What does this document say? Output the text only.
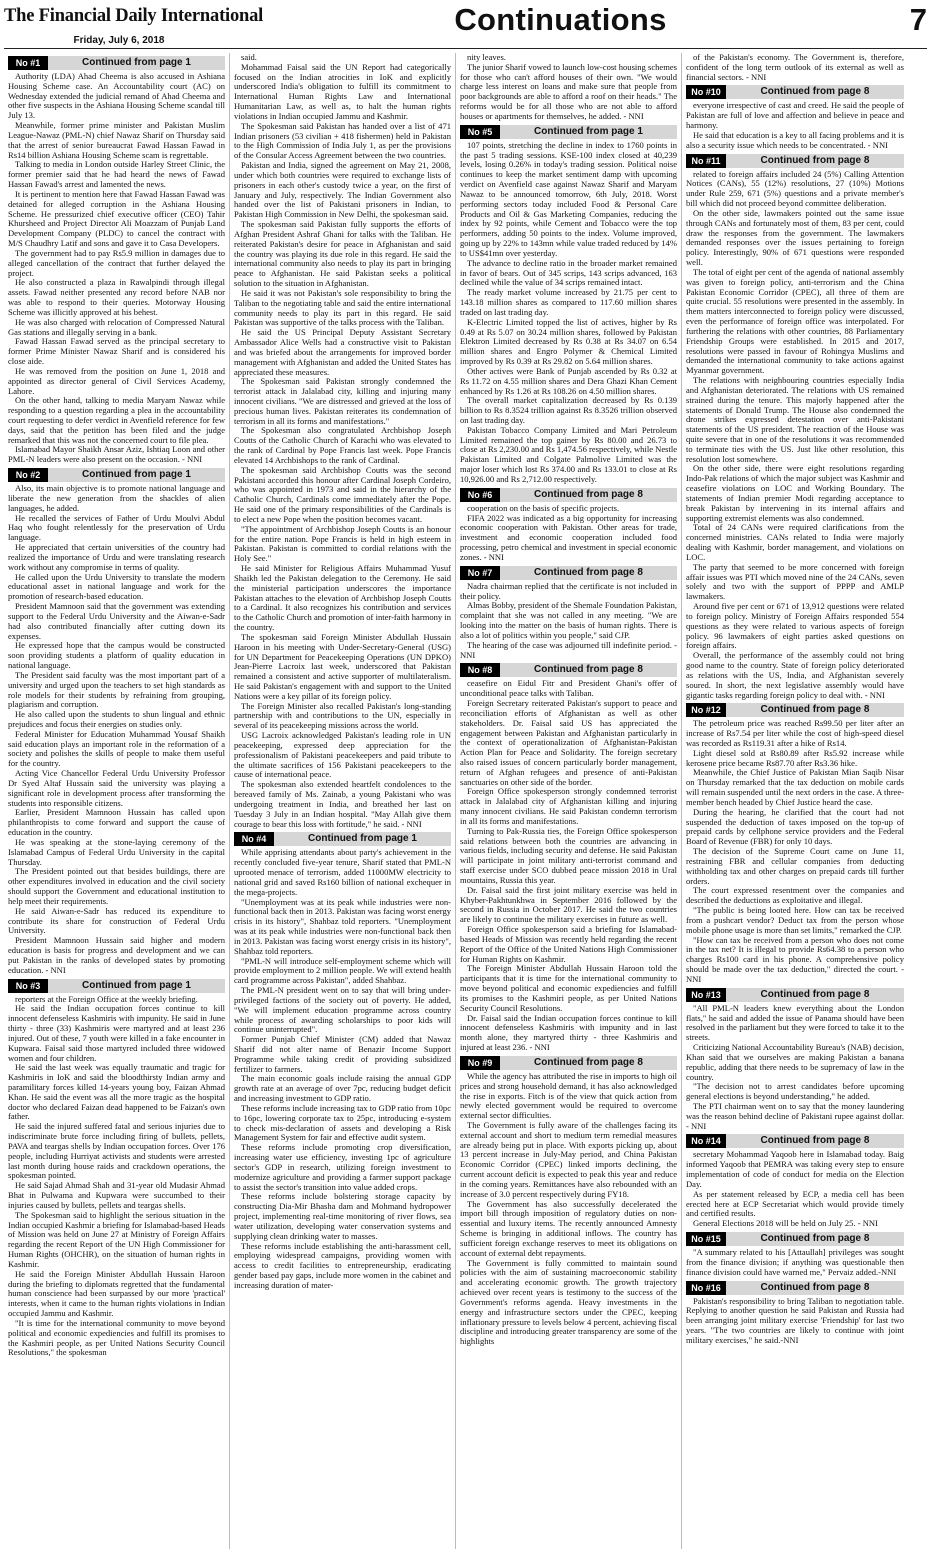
The Financial Daily International
Friday, July 6, 2018
Continuations	7
No #1	Continued from page 1

Authority (LDA) Ahad Cheema is also accused in Ashiana Housing Scheme case. An Accountability court (AC) on Wednesday extended the judicial remand of Ahad Cheema and other five suspects in the Ashiana Housing Scheme scandal till July 13.

Meanwhile, former prime minister and Pakistan Muslim League-Nawaz (PML-N) chief Nawaz Sharif on Thursday said that the arrest of senior bureaucrat Fawad Hassan Fawad in Rs14 billion Ashiana Housing Scheme scam is regrettable.

Talking to media in London outside Harley Street Clinic, the former premier said that he had heard the news of Fawad Hassan Fawad's arrest and lamented the news.

It is pertinent to mention here that Fawad Hassan Fawad was detained for alleged corruption in the Ashiana Housing Scheme. He pressurized chief executive officer (CEO) Tahir Khursheed and Project Director Ali Moazzam of Punjab Land Development Company (PLDC) to cancel the contract with M/S Chaudhry Latif and sons and gave it to Casa Developers.

The government had to pay Rs5.9 million in damages due to alleged cancellation of the contract that further delayed the project.

He also constructed a plaza in Rawalpindi through illegal assets. Fawad neither presented any record before NAB nor was able to respond to their queries. Motorway Housing Scheme was illicitly approved at his behest.

He was also charged with relocation of Compressed Natural Gas stations and illegally serving in a bank.

Fawad Hassan Fawad served as the principal secretary to former Prime Minister Nawaz Sharif and is considered his close aide.

He was removed from the position on June 1, 2018 and appointed as director general of Civil Services Academy, Lahore.

On the other hand, talking to media Maryam Nawaz while responding to a question regarding a plea in the accountability court requesting to defer verdict in Avenfield reference for few days, said that the petition has been filed and the judge remarked that this was not the concerned court to file plea.

Islamabad Mayor Shaikh Ansar Aziz, Ishtiaq Loon and other PML-N leaders were also present on the occasion. - NNI

No #2	Continued from page 1

Also, its main objective is to promote national language and liberate the new generation from the shackles of alien languages, he added.

He recalled the services of Father of Urdu Moulvi Abdul Haq who fought relentlessly for the preservation of Urdu language.

He appreciated that certain universities of the country had realized the importance of Urdu and were translating research work without any compromise in terms of quality.

He called upon the Urdu University to translate the modern educational asset in national language and work for the promotion of research-based education.

President Mamnoon said that the government was extending support to the Federal Urdu University and the Aiwan-e-Sadr had also contributed financially after cutting down its expenses.

He expressed hope that the campus would be constructed soon providing students a platform of quality education in national language.

The President said faculty was the most important part of a university and urged upon the teachers to set high standards as role models for their students by refraining from grouping, plagiarism and corruption.

He also called upon the students to shun lingual and ethnic prejudices and focus their energies on studies only.

Federal Minister for Education Muhammad Yousaf Shaikh said education plays an important role in the reformation of a society and polishes the skills of people to make them useful for the country.

Acting Vice Chancellor Federal Urdu University Professor Dr Syed Altaf Hussain said the university was playing a significant role in development process after transforming the students into responsible citizens.

Earlier, President Mamnoon Hussain has called upon philanthropists to come forward and support the cause of education in the country.

He was speaking at the stone-laying ceremony of the Islamabad Campus of Federal Urdu University in the capital Thursday.

The President pointed out that besides buildings, there are other expenditures involved in education and the civil society should support the Government and educational institution to help meet their requirements.

He said Aiwan-e-Sadr has reduced its expenditure to contribute its share for construction of Federal Urdu University.

President Mamnoon Hussain said higher and modern education is basis for progress and development and we can put Pakistan in the ranks of developed states by promoting education. - NNI

No #3	Continued from page 1

reporters at the Foreign Office at the weekly briefing.

He said the Indian occupation forces continue to kill innocent defenseless Kashmiris with impunity. He said in June thirty - three (33) Kashmiris were martyred and at least 236 injured. Out of these, 7 youth were killed in a fake encounter in Kupwara. Faisal said those martyred included three widowed women and four children.

He said the last week was equally traumatic and tragic for Kashmiris in IoK and said the bloodthirsty Indian army and paramilitary forces killed 14-years young boy, Faizan Ahmad Khan. He said the event was all the more tragic as the hospital doctor who declared Faizan dead happened to be Faizan's own father.

He said the injured suffered fatal and serious injuries due to indiscriminate brute force including firing of bullets, pellets, PAVA and teargas shells by Indian occupation forces. Over 176 people, including Hurriyat activists and students were arrested last month during house raids and crackdown operations, the spokesman pointed.

He said Sajad Ahmad Shah and 31-year old Mudasir Ahmad Bhat in Pulwama and Kupwara were succumbed to their injuries caused by bullets, pellets and teargas shells.

The Spokesman said to highlight the serious situation in the Indian occupied Kashmir a briefing for Islamabad-based Heads of Mission was held on June 27 at Ministry of Foreign Affairs regarding the recent Report of the UN High Commissioner for Human Rights (OHCHR), on the situation of human rights in Kashmir.

He said the Foreign Minister Abdullah Hussain Haroon during the briefing to diplomats regretted that the fundamental human conscience had been surpassed by our more 'practical' interests, when it came to the human rights violations in Indian occupied Jammu and Kashmir.

"It is time for the international community to move beyond political and economic expediencies and fulfill its promises to the Kashmiri people, as per United Nations Security Council Resolutions," the spokesman

said.

Mohammad Faisal said the UN Report had categorically focused on the Indian atrocities in IoK and explicitly underscored India's obligation to fulfill its commitment to International Human Rights Law and International Humanitarian Law, as well as, to halt the human rights violations in Indian occupied Jammu and Kashmir.

The Spokesman said Pakistan has handed over a list of 471 Indian prisoners (53 civilian + 418 fishermen) held in Pakistan to the High Commission of India July 1, as per the provisions of the Consular Access Agreement between the two countries.

Pakistan and India, signed the agreement on May 21, 2008, under which both countries were required to exchange lists of prisoners in each other's custody twice a year, on the first of January and July, respectively. The Indian Government also handed over the list of Pakistani prisoners in Indian, to Pakistan High Commission in New Delhi, the spokesman said.

The spokesman said Pakistan fully supports the efforts of Afghan President Ashraf Ghani for talks with the Taliban. He reiterated Pakistan's desire for peace in Afghanistan and said the country was playing its due role in this regard. He said the international community also needs to play its part in bringing peace to Afghanistan. He said Pakistan seeks a political solution to the situation in Afghanistan.

He said it was not Pakistan's sole responsibility to bring the Taliban to the negotiating table and said the entire international community needs to play its part in this regard. He said Pakistan was supportive of the talks process with the Taliban.

He said the US Principal Deputy Assistant Secretary Ambassador Alice Wells had a constructive visit to Pakistan and was briefed about the arrangements for improved border management with Afghanistan and added the United States has appreciated these measures.

The Spokesman said Pakistan strongly condemned the terrorist attack in Jalalabad city, killing and injuring many innocent civilians. "We are distressed and grieved at the loss of precious human lives. Pakistan reiterates its condemnation of terrorism in all its forms and manifestations."

The Spokesman also congratulated Archbishop Joseph Coutts of the Catholic Church of Karachi who was elevated to the rank of Cardinal by Pope Francis last week. Pope Francis elevated 14 Archbishops to the rank of Cardinal.

The spokesman said Archbishop Coutts was the second Pakistani accorded this honour after Cardinal Joseph Cordeiro, who was appointed in 1973 and said in the hierarchy of the Catholic Church, Cardinals come immediately after the Pope. He said one of the primary responsibilities of the Cardinals is to elect a new Pope when the position becomes vacant.

"The appointment of Archbishop Joseph Coutts is an honour for the entire nation. Pope Francis is held in high esteem in Pakistan. Pakistan is committed to cordial relations with the Holy See."

He said Minister for Religious Affairs Muhammad Yusuf Shaikh led the Pakistan delegation to the Ceremony. He said the ministerial participation underscores the importance Pakistan attaches to the elevation of Archbishop Joseph Coutts to a Cardinal. It also recognizes his contribution and services to the Catholic Church and promotion of inter-faith harmony in the country.

The spokesman said Foreign Minister Abdullah Hussain Haroon in his meeting with Under-Secretary-General (USG) for UN Department for Peacekeeping Operations (UN DPKO) Jean-Pierre Lacroix last week, underscored that Pakistan remained a consistent and active supporter of multilateralism. He said Pakistan's engagement with and support to the United Nations were a key pillar of its foreign policy.

The Foreign Minister also recalled Pakistan's long-standing partnership with and contributions to the UN, especially in several of its peacekeeping missions across the world.

USG Lacroix acknowledged Pakistan's leading role in UN peacekeeping, expressed deep appreciation for the professionalism of Pakistani peacekeepers and paid tribute to the ultimate sacrifices of 156 Pakistani peacekeepers to the cause of international peace.

The spokesman also extended heartfelt condolences to the bereaved family of Ms. Zainab, a young Pakistani who was undergoing treatment in India, and breathed her last on Tuesday 3 July in an Indian hospital. "May Allah give them courage to bear this loss with fortitude," he said. - NNI

No #4	Continued from page 1

While apprising attendants about party's achievement in the recently concluded five-year tenure, Sharif stated that PML-N uprooted menace of terrorism, added 11000MW electricity to national grid and saved Rs160 billion of national exchequer in the mega-projects.

"Unemployment was at its peak while industries were non-functional back then in 2013. Pakistan was facing worst energy crisis in its history", Shahbaz told reporters. "Unemployment was at its peak while industries were non-functional back then in 2013. Pakistan was facing worst energy crisis in its history", Shahbaz told reporters.

"PML-N will introduce self-employment scheme which will provide employment to 2 million people. We will extend health card programme across Pakistan", added Shahbaz.

The PML-N president went on to say that will bring under-privileged factions of the society out of poverty. He added, "We will implement education programme across country while process of awarding scholarships to poor kids will continue uninterrupted".

Former Punjab Chief Minister (CM) added that Nawaz Sharif did not alter name of Benazir Income Support Programme while taking credit of providing subsidized fertilizer to farmers.

The main economic goals include raising the annual GDP growth rate at an average of over 7pc, reducing budget deficit and increasing investment to GDP ratio.

These reforms include increasing tax to GDP ratio from 10pc to 16pc, lowering corporate tax to 25pc, introducing e-system to check mis-declaration of assets and developing a Risk Management System for fair and effective audit system.

These reforms include promoting crop diversification, increasing water use efficiency, investing 1pc of agriculture sector's GDP in research, utilizing foreign investment to modernize agriculture and providing a farmer support package to assist the sector's transition into value added crops.

These reforms include bolstering storage capacity by constructing Dia-Mir Bhasha dam and Mohmand hydropower project, implementing real-time monitoring of river flows, sea water utilization, developing water conservation systems and supplying clean drinking water to masses.

These reforms include establishing the anti-harassment cell, employing widespread campaigns, providing women with access to credit facilities to entrepreneurship, eradicating gender based pay gaps, include more women in the cabinet and increasing duration of mater-

nity leaves.

The junior Sharif vowed to launch low-cost housing schemes for those who can't afford houses of their own. "We would charge less interest on loans and make sure that people from poor backgrounds are able to afford a roof on their heads." The reforms would be for all those who are not able to afford houses or apartments for themselves, he added. - NNI

No #5	Continued from page 1

107 points, stretching the decline in index to 1760 points in the past 5 trading sessions. KSE-100 index closed at 40,239 levels, losing 0.26% in today's trading session. Political noise continues to keep the market sentiment damp with upcoming verdict on Avenfield case against Nawaz Sharif and Maryam Nawaz to be announced tomorrow, 6th July, 2018. Worst performing sectors today included Food & Personal Care Products and Oil & Gas Marketing Companies, reducing the index by 92 points, while Cement and Tobacco were the top performers, adding 50 points to the index. Volume improved, going up by 22% to 143mn while value traded reduced by 14% to US$41mn over yesterday.

The advance to decline ratio in the broader market remained in favor of bears. Out of 345 scrips, 143 scrips advanced, 163 declined while the value of 34 scrips remained intact.

The ready market volume increased by 21.75 per cent to 143.18 million shares as compared to 117.60 million shares traded on last trading day.

K-Electric Limited topped the list of actives, higher by Rs 0.49 at Rs 5.07 on 30.24 million shares, followed by Pakistan Elektron Limited decreased by Rs 0.38 at Rs 34.07 on 6.54 million shares and Engro Polymer & Chemical Limited improved by Rs 0.39 at Rs 29.82 on 5.64 million shares.

Other actives were Bank of Punjab ascended by Rs 0.32 at Rs 11.72 on 4.55 million shares and Dera Ghazi Khan Cement enhanced by Rs 1.26 at Rs 108.26 on 4.50 million shares.

The overall market capitalization decreased by Rs 0.139 billion to Rs 8.3524 trillion against Rs 8.3526 trillion observed on last trading day.

Pakistan Tobacco Company Limited and Mari Petroleum Limited remained the top gainer by Rs 80.00 and 26.73 to close at Rs 2,230.00 and Rs 1,474.56 respectively, while Nestle Pakistan Limited and Colgate Palmolive Limited was the major loser which lost Rs 374.00 and Rs 133.01 to close at Rs 10,926.00 and Rs 2,712.00 respectively.

No #6	Continued from page 8

cooperation on the basis of specific projects.

FIFA 2022 was indicated as a big opportunity for increasing economic cooperation with Pakistan. Other areas for trade, investment and economic cooperation included food processing, petro chemical and investment in special economic zones. - NNI

No #7	Continued from page 8

Nadra chairman replied that the certificate is not included in their policy.

Almas Bobby, president of the Shemale Foundation Pakistan, complaint that she was not called in any meeting. "We are looking into the matter on the basis of human rights. There is also a lot of politics within you people," said CJP.

The hearing of the case was adjourned till indefinite period. - NNI

No #8	Continued from page 8

ceasefire on Eidul Fitr and President Ghani's offer of unconditional peace talks with Taliban.

Foreign Secretary reiterated Pakistan's support to peace and reconciliation efforts of Afghanistan as well as other stakeholders. Dr. Faisal said US has appreciated the engagement between Pakistan and Afghanistan particularly in the context of operationalization of Afghanistan-Pakistan Action Plan for Peace and Solidarity. The foreign secretary also raised issues of concern particularly border management, return of Afghan refugees and presence of anti-Pakistan sanctuaries on other side of the border.

Foreign Office spokesperson strongly condemned terrorist attack in Jalalabad city of Afghanistan killing and injuring many innocent civilians. He said Pakistan condemn terrorism in all its forms and manifestations.

Turning to Pak-Russia ties, the Foreign Office spokesperson said relations between both the countries are advancing in various fields, including security and defense. He said Pakistan will participate in joint military anti-terrorist command and staff exercise under SCO dubbed peace mission 2018 in Ural mountains, Russia this year.

Dr. Faisal said the first joint military exercise was held in Khyber-Pakhtunkhwa in September 2016 followed by the second in Russia in October 2017. He said the two countries are likely to continue the military exercises in future as well.

Foreign Office spokesperson said a briefing for Islamabad-based Heads of Mission was recently held regarding the recent Report of the Office of the United Nations High Commissioner for Human Rights on Kashmir.

The Foreign Minister Abdullah Hussain Haroon told the participants that it is time for the international community to move beyond political and economic expediencies and fulfill its promises to the Kashmiri people, as per United Nations Security Council Resolutions.

Dr. Faisal said the Indian occupation forces continue to kill innocent defenseless Kashmiris with impunity and in last month alone, they martyred thirty - three Kashmiris and injured at least 236. - NNI

No #9	Continued from page 8

While the agency has attributed the rise in imports to high oil prices and strong household demand, it has also acknowledged the rise in exports. Fitch is of the view that quick action from newly elected government would be required to overcome external sector difficulties.

The Government is fully aware of the challenges facing its external account and short to medium term remedial measures are already being put in place. With exports picking up, about 13 percent increase in July-May period, and China Pakistan Economic Corridor (CPEC) linked imports declining, the current account deficit is expected to peak this year and reduce in the coming years. Remittances have also rebounded with an increase of 3.0 percent respectively during FY18.

The Government has also successfully decelerated the import bill through imposition of regulatory duties on non-essential and luxury items. The recently announced Amnesty Scheme is bringing in additional inflows. The country has sufficient foreign exchange reserves to meet its obligations on account of external debt repayments.

The Government is fully committed to maintain sound policies with the aim of sustaining macroeconomic stability and accelerating economic growth. The growth trajectory achieved over recent years is testimony to the success of the Government's reforms agenda. Heavy investments in the energy and infrastructure sectors under the CPEC, keeping inflationary pressure to levels below 4 percent, achieving fiscal discipline and introducing greater transparency are some of the highlights

of the Pakistan's economy. The Government is, therefore, confident of the long term outlook of its external as well as financial sectors. - NNI

No #10	Continued from page 8

everyone irrespective of cast and creed. He said the people of Pakistan are full of love and affection and believe in peace and harmony.

He said that education is a key to all facing problems and it is also a security issue which needs to be concentrated. - NNI

No #11	Continued from page 8

related to foreign affairs included 24 (5%) Calling Attention Notices (CANs), 55 (12%) resolutions, 27 (10%) Motions under Rule 259, 671 (5%) questions and a private member's bill which did not proceed beyond committee deliberation.

On the other side, lawmakers pointed out the same issue through CANs and fortunately most of them, 83 per cent, could draw the responses from the government. The lawmakers demanded responses over the issues pertaining to foreign policy. Interestingly, 90% of 671 questions were responded well.

The total of eight per cent of the agenda of national assembly was given to foreign policy, anti-terrorism and the China Pakistan Economic Corridor (CPEC), all three of them are quite crucial. 55 resolutions were presented in the assembly. In them matters interconnected to foreign policy were discussed, even the performance of foreign office was interpolated. For furthering the relations with other countries, 88 Parliamentary Friendship Groups were established. In 2015 and 2017, resolutions were passed in favour of Rohingya Muslims and demanded the international community to take actions against Myanmar government.

The relations with neighbouring countries especially India and Afghanistan deteriorated. The relations with US remained strained during the tenure. This majorly happened after the statements of Donald Trump. The House also condemned the drone strikes expressed detestation over anti-Pakistani statements of the US president. The reaction of the House was quite severe that in one of the resolutions it was recommended to terminate ties with the US. Just like other resolution, this resolution lost somewhere.

On the other side, there were eight resolutions regarding Indo-Pak relations of which the major subject was Kashmir and ceasefire violations on LOC and Working Boundary. The statements of Indian premier Modi regarding acceptance to break Pakistan by intervening in its internal affairs and supporting extremist elements was also condemned.

Total of 24 CANs were required clarifications from the concerned ministries. CANs related to India were majorly dealing with Kashmir, border management, and violations on LOC.

The party that seemed to be more concerned with foreign affair issues was PTI which moved nine of the 24 CANs, seven solely and two with the support of PPPP and AMLP lawmakers.

Around five per cent or 671 of 13,912 questions were related to foreign policy. Ministry of Foreign Affairs responded 554 questions as they were related to various aspects of foreign policy. 96 lawmakers of eight parties asked questions on foreign affairs.

Overall, the performance of the assembly could not bring good name to the country. State of foreign policy deteriorated as relations with the US, India, and Afghanistan severely soured. In short, the next legislative assembly would have gigantic tasks regarding foreign policy to deal with. - NNI

No #12	Continued from page 8

The petroleum price was reached Rs99.50 per liter after an increase of Rs7.54 per liter while the cost of high-speed diesel was recorded as Rs119.31 after a hike of Rs14.

Light diesel sold at Rs80.89 after Rs5.92 increase while kerosene price became Rs87.70 after Rs3.36 hike.

Meanwhile, the Chief Justice of Pakistan Mian Saqib Nisar on Thursday remarked that the tax deduction on mobile cards will remain suspended until the next orders in the case. A three-member bench headed by Chief Justice heard the case.

During the hearing, he clarified that the court had not suspended the deduction of taxes imposed on the top-up of prepaid cards by cellphone service providers and the Federal Board of Revenue (FBR) for only 10 days.

The decision of the Supreme Court came on June 11, restraining FBR and cellular companies from deducting withholding tax and other charges on prepaid cards till further orders.

The court expressed resentment over the companies and described the deductions as exploitative and illegal.

"The public is being looted here. How can tax be received from a pushcart vendor? Deduct tax from the person whose mobile phone usage is more than set limits," remarked the CJP.

"How can tax be received from a person who does not come in the tax net? It is illegal to provide Rs64.38 to a person who charges Rs100 card in his phone. A comprehensive policy should be made over the tax deduction," directed the court. - NNI

No #13	Continued from page 8

"All PML-N leaders knew everything about the London flats," he said and added the issue of Panama should have been resolved in the parliament but they were forced to take it to the streets.

Criticizing National Accountability Bureau's (NAB) decision, Khan said that we ourselves are making Pakistan a banana republic, adding that there needs to be supremacy of law in the country.

"The decision not to arrest candidates before upcoming general elections is beyond understanding," he added.

The PTI chairman went on to say that the money laundering was the reason behind decline of Pakistani rupee against dollar. - NNI

No #14	Continued from page 8

secretary Mohammad Yaqoob here in Islamabad today. Baig informed Yaqoob that PEMRA was taking every step to ensure implementation of code of conduct for media on the Election Day.

As per statement released by ECP, a media cell has been erected here at ECP Secretariat which would provide timely and certified results.

General Elections 2018 will be held on July 25. - NNI

No #15	Continued from page 8

"A summary related to his [Attaullah] privileges was sought from the finance division; if anything was questionable then finance division could have warned me," Pervaiz added.-NNI

No #16	Continued from page 8

Pakistan's responsibility to bring Taliban to negotiation table. Replying to another question he said Pakistan and Russia had been arranging joint military exercise 'Friendship' for last two years. "The two countries are likely to continue with joint military exercises," he said.-NNI
